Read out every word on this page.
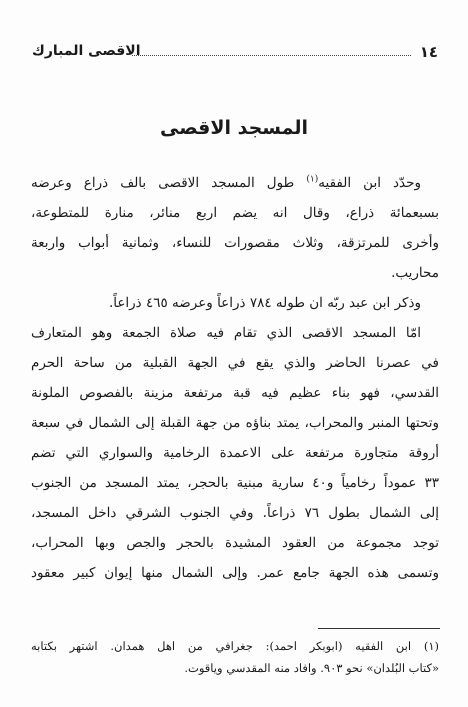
١٤
الاقصى المبارك
المسجد الاقصى
وحدّد ابن الفقيه$^{(١)}$ طول المسجد الاقصى بالف ذراع وعرضه
بسبعمائة ذراع، وقال انه يضم اربع منائر، منارة للمتطوعة،
وأخرى للمرتزقة، وثلاث مقصورات للنساء، وثمانية أبواب واربعة
محاريب.
وذكر ابن عبد ربّه ان طوله ٧٨٤ ذراعاً وعرضه ٤٦٥ ذراعاً.
امّا المسجد الاقصى الذي تقام فيه صلاة الجمعة وهو المتعارف
في عصرنا الحاضر والذي يقع في الجهة القبلية من ساحة الحرم
القدسي، فهو بناء عظيم فيه قبة مرتفعة مزينة بالفصوص الملونة
وتحتها المنبر والمحراب، يمتد بناؤه من جهة القبلة إلى الشمال في سبعة
أروقة متجاورة مرتفعة على الاعمدة الرخامية والسواري التي تضم
٣٣ عموداً رخامياً و٤٠ سارية مبنية بالحجر، يمتد المسجد من الجنوب
إلى الشمال بطول ٧٦ ذراعاً. وفي الجنوب الشرقي داخل المسجد،
توجد مجموعة من العقود المشيدة بالحجر والجص وبها المحراب،
وتسمى هذه الجهة جامع عمر. وإلى الشمال منها إيوان كبير معقود
(١) ابن الفقيه (ابوبكر احمد): جغرافي من اهل همدان. اشتهر بكتابه
«كتاب البُلدان» نحو ٩٠٣. وافاد منه المقدسي وياقوت.
